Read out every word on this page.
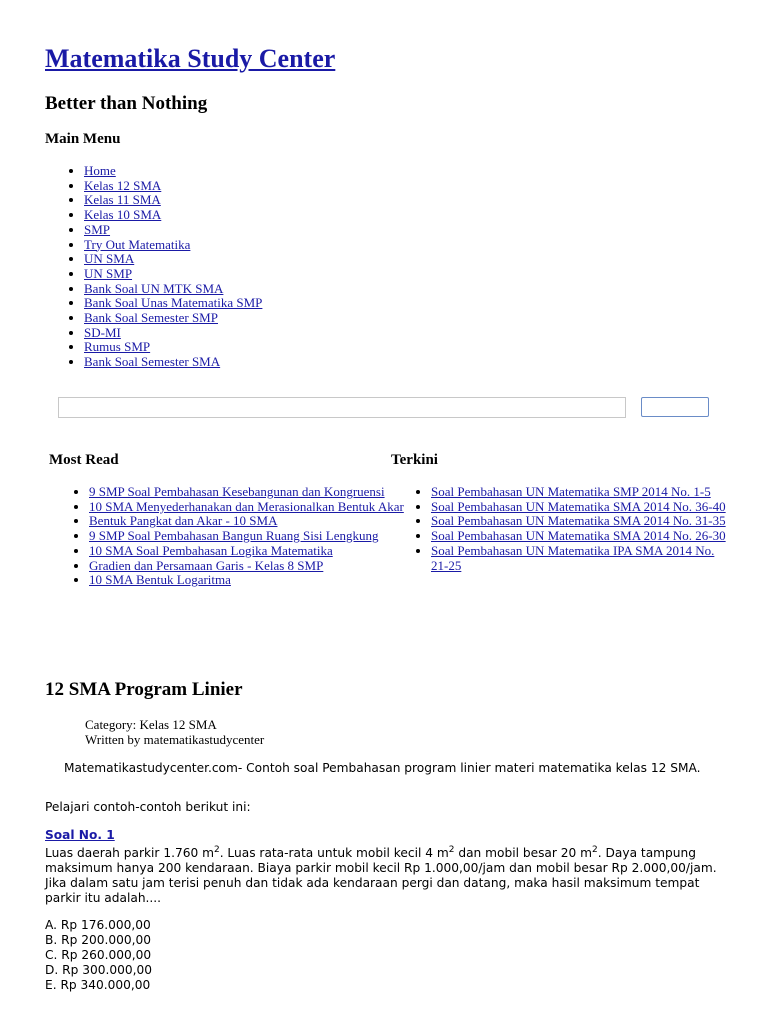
Matematika Study Center
Better than Nothing
Main Menu
• Home
• Kelas 12 SMA
• Kelas 11 SMA
• Kelas 10 SMA
• SMP
• Try Out Matematika
• UN SMA
• UN SMP
• Bank Soal UN MTK SMA
• Bank Soal Unas Matematika SMP
• Bank Soal Semester SMP
• SD-MI
• Rumus SMP
• Bank Soal Semester SMA
Most Read
• 9 SMP Soal Pembahasan Kesebangunan dan Kongruensi
• 10 SMA Menyederhanakan dan Merasionalkan Bentuk Akar
• Bentuk Pangkat dan Akar - 10 SMA
• 9 SMP Soal Pembahasan Bangun Ruang Sisi Lengkung
• 10 SMA Soal Pembahasan Logika Matematika
• Gradien dan Persamaan Garis - Kelas 8 SMP
• 10 SMA Bentuk Logaritma
Terkini
• Soal Pembahasan UN Matematika SMP 2014 No. 1-5
• Soal Pembahasan UN Matematika SMA 2014 No. 36-40
• Soal Pembahasan UN Matematika SMA 2014 No. 31-35
• Soal Pembahasan UN Matematika SMA 2014 No. 26-30
• Soal Pembahasan UN Matematika IPA SMA 2014 No. 21-25
12 SMA Program Linier
Category: Kelas 12 SMA
Written by matematikastudycenter

Matematikastudycenter.com- Contoh soal Pembahasan program linier materi matematika kelas 12 SMA.

Pelajari contoh-contoh berikut ini:

Soal No. 1

Luas daerah parkir 1.760 $m^2$. Luas rata-rata untuk mobil kecil 4 $m^2$ dan mobil besar 20 $m^2$. Daya tampung maksimum hanya 200 kendaraan. Biaya parkir mobil kecil Rp 1.000,00/jam dan mobil besar Rp 2.000,00/jam. Jika dalam satu jam terisi penuh dan tidak ada kendaraan pergi dan datang, maka hasil maksimum tempat parkir itu adalah....

A. Rp 176.000,00
B. Rp 200.000,00
C. Rp 260.000,00
D. Rp 300.000,00
E. Rp 340.000,00
